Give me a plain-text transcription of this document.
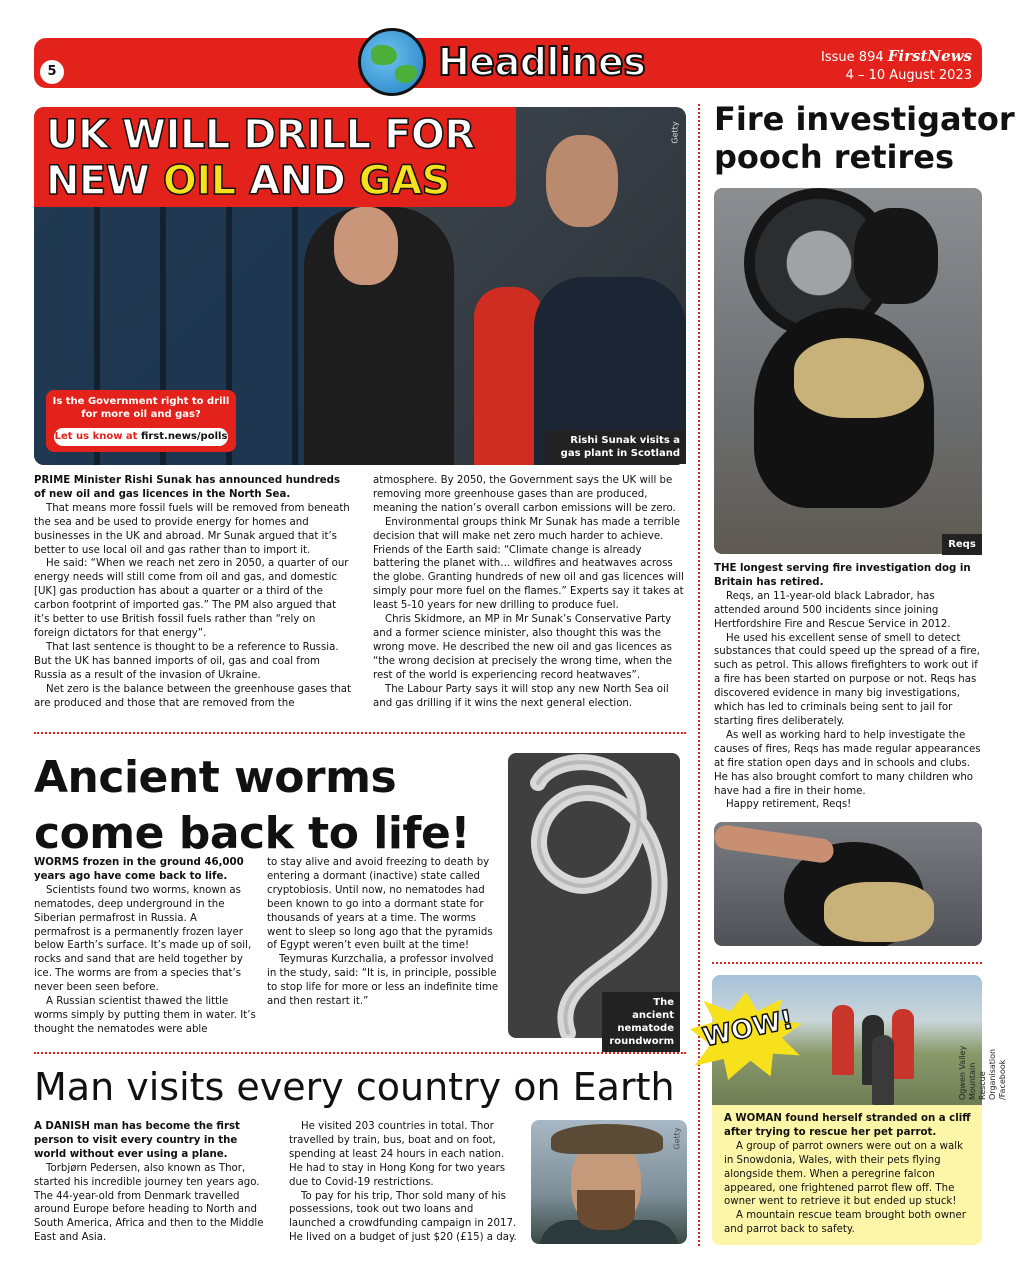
5	Headlines	Issue 894 FirstNews
4 – 10 August 2023
Getty
UK WILL DRILL FOR
NEW OIL AND GAS
Is the Government right to drill for more oil and gas?
Let us know at first.news/polls	Rishi Sunak visits a gas plant in Scotland

PRIME Minister Rishi Sunak has announced hundreds of new oil and gas licences in the North Sea.

That means more fossil fuels will be removed from beneath the sea and be used to provide energy for homes and businesses in the UK and abroad. Mr Sunak argued that it’s better to use local oil and gas rather than to import it.

He said: “When we reach net zero in 2050, a quarter of our energy needs will still come from oil and gas, and domestic [UK] gas production has about a quarter or a third of the carbon footprint of imported gas.” The PM also argued that it’s better to use British fossil fuels rather than “rely on foreign dictators for that energy”.

That last sentence is thought to be a reference to Russia. But the UK has banned imports of oil, gas and coal from Russia as a result of the invasion of Ukraine.

Net zero is the balance between the greenhouse gases that are produced and those that are removed from the

atmosphere. By 2050, the Government says the UK will be removing more greenhouse gases than are produced, meaning the nation’s overall carbon emissions will be zero.

Environmental groups think Mr Sunak has made a terrible decision that will make net zero much harder to achieve. Friends of the Earth said: “Climate change is already battering the planet with… wildfires and heatwaves across the globe. Granting hundreds of new oil and gas licences will simply pour more fuel on the flames.” Experts say it takes at least 5-10 years for new drilling to produce fuel.

Chris Skidmore, an MP in Mr Sunak’s Conservative Party and a former science minister, also thought this was the wrong move. He described the new oil and gas licences as “the wrong decision at precisely the wrong time, when the rest of the world is experiencing record heatwaves”.

The Labour Party says it will stop any new North Sea oil and gas drilling if it wins the next general election.

Ancient worms
come back to life!
The ancient nematode roundworm

WORMS frozen in the ground 46,000 years ago have come back to life.

Scientists found two worms, known as nematodes, deep underground in the Siberian permafrost in Russia. A permafrost is a permanently frozen layer below Earth’s surface. It’s made up of soil, rocks and sand that are held together by ice. The worms are from a species that’s never been seen before.

A Russian scientist thawed the little worms simply by putting them in water. It’s thought the nematodes were able

to stay alive and avoid freezing to death by entering a dormant (inactive) state called cryptobiosis. Until now, no nematodes had been known to go into a dormant state for thousands of years at a time. The worms went to sleep so long ago that the pyramids of Egypt weren’t even built at the time!

Teymuras Kurzchalia, a professor involved in the study, said: “It is, in principle, possible to stop life for more or less an indefinite time and then restart it.”

Man visits every country on Earth

A DANISH man has become the first person to visit every country in the world without ever using a plane.

Torbjørn Pedersen, also known as Thor, started his incredible journey ten years ago. The 44-year-old from Denmark travelled around Europe before heading to North and South America, Africa and then to the Middle East and Asia.

He visited 203 countries in total. Thor travelled by train, bus, boat and on foot, spending at least 24 hours in each nation. He had to stay in Hong Kong for two years due to Covid-19 restrictions.

To pay for his trip, Thor sold many of his possessions, took out two loans and launched a crowdfunding campaign in 2017. He lived on a budget of just $20 (£15) a day.

Getty
Fire investigator
pooch retires
Reqs

THE longest serving fire investigation dog in Britain has retired.

Reqs, an 11-year-old black Labrador, has attended around 500 incidents since joining Hertfordshire Fire and Rescue Service in 2012.

He used his excellent sense of smell to detect substances that could speed up the spread of a fire, such as petrol. This allows firefighters to work out if a fire has been started on purpose or not. Reqs has discovered evidence in many big investigations, which has led to criminals being sent to jail for starting fires deliberately.

As well as working hard to help investigate the causes of fires, Reqs has made regular appearances at fire station open days and in schools and clubs. He has also brought comfort to many children who have had a fire in their home.

Happy retirement, Reqs!

Ogwen Valley Mountain Rescue Organisation /Facebook
WOW!

A WOMAN found herself stranded on a cliff after trying to rescue her pet parrot.

A group of parrot owners were out on a walk in Snowdonia, Wales, with their pets flying alongside them. When a peregrine falcon appeared, one frightened parrot flew off. The owner went to retrieve it but ended up stuck!

A mountain rescue team brought both owner and parrot back to safety.
